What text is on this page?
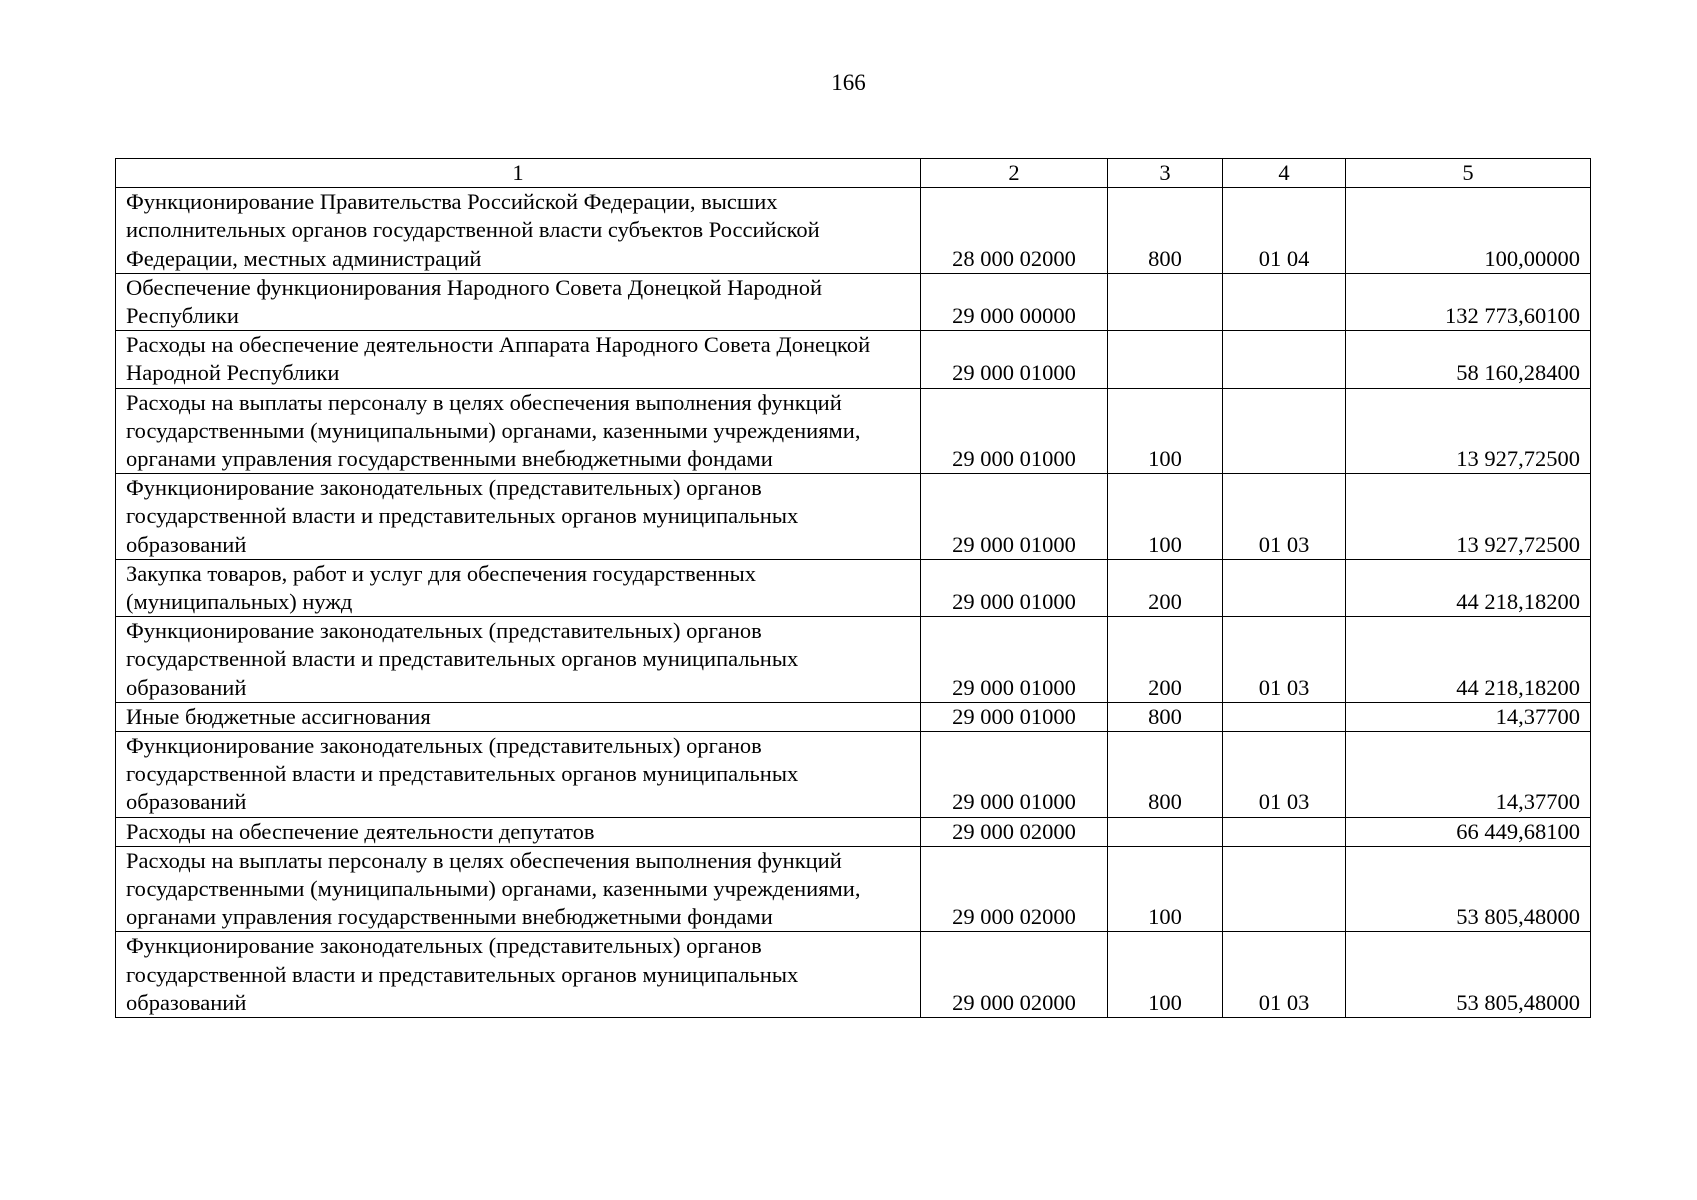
166
1	2	3	4	5
Функционирование Правительства Российской Федерации, высших исполнительных органов государственной власти субъектов Российской Федерации, местных администраций	28 000 02000	800	01 04	100,00000
Обеспечение функционирования Народного Совета Донецкой Народной Республики	29 000 00000			132 773,60100
Расходы на обеспечение деятельности Аппарата Народного Совета Донецкой Народной Республики	29 000 01000			58 160,28400
Расходы на выплаты персоналу в целях обеспечения выполнения функций государственными (муниципальными) органами, казенными учреждениями, органами управления государственными внебюджетными фондами	29 000 01000	100		13 927,72500
Функционирование законодательных (представительных) органов государственной власти и представительных органов муниципальных образований	29 000 01000	100	01 03	13 927,72500
Закупка товаров, работ и услуг для обеспечения государственных (муниципальных) нужд	29 000 01000	200		44 218,18200
Функционирование законодательных (представительных) органов государственной власти и представительных органов муниципальных образований	29 000 01000	200	01 03	44 218,18200
Иные бюджетные ассигнования	29 000 01000	800		14,37700
Функционирование законодательных (представительных) органов государственной власти и представительных органов муниципальных образований	29 000 01000	800	01 03	14,37700
Расходы на обеспечение деятельности депутатов	29 000 02000			66 449,68100
Расходы на выплаты персоналу в целях обеспечения выполнения функций государственными (муниципальными) органами, казенными учреждениями, органами управления государственными внебюджетными фондами	29 000 02000	100		53 805,48000
Функционирование законодательных (представительных) органов государственной власти и представительных органов муниципальных образований	29 000 02000	100	01 03	53 805,48000
